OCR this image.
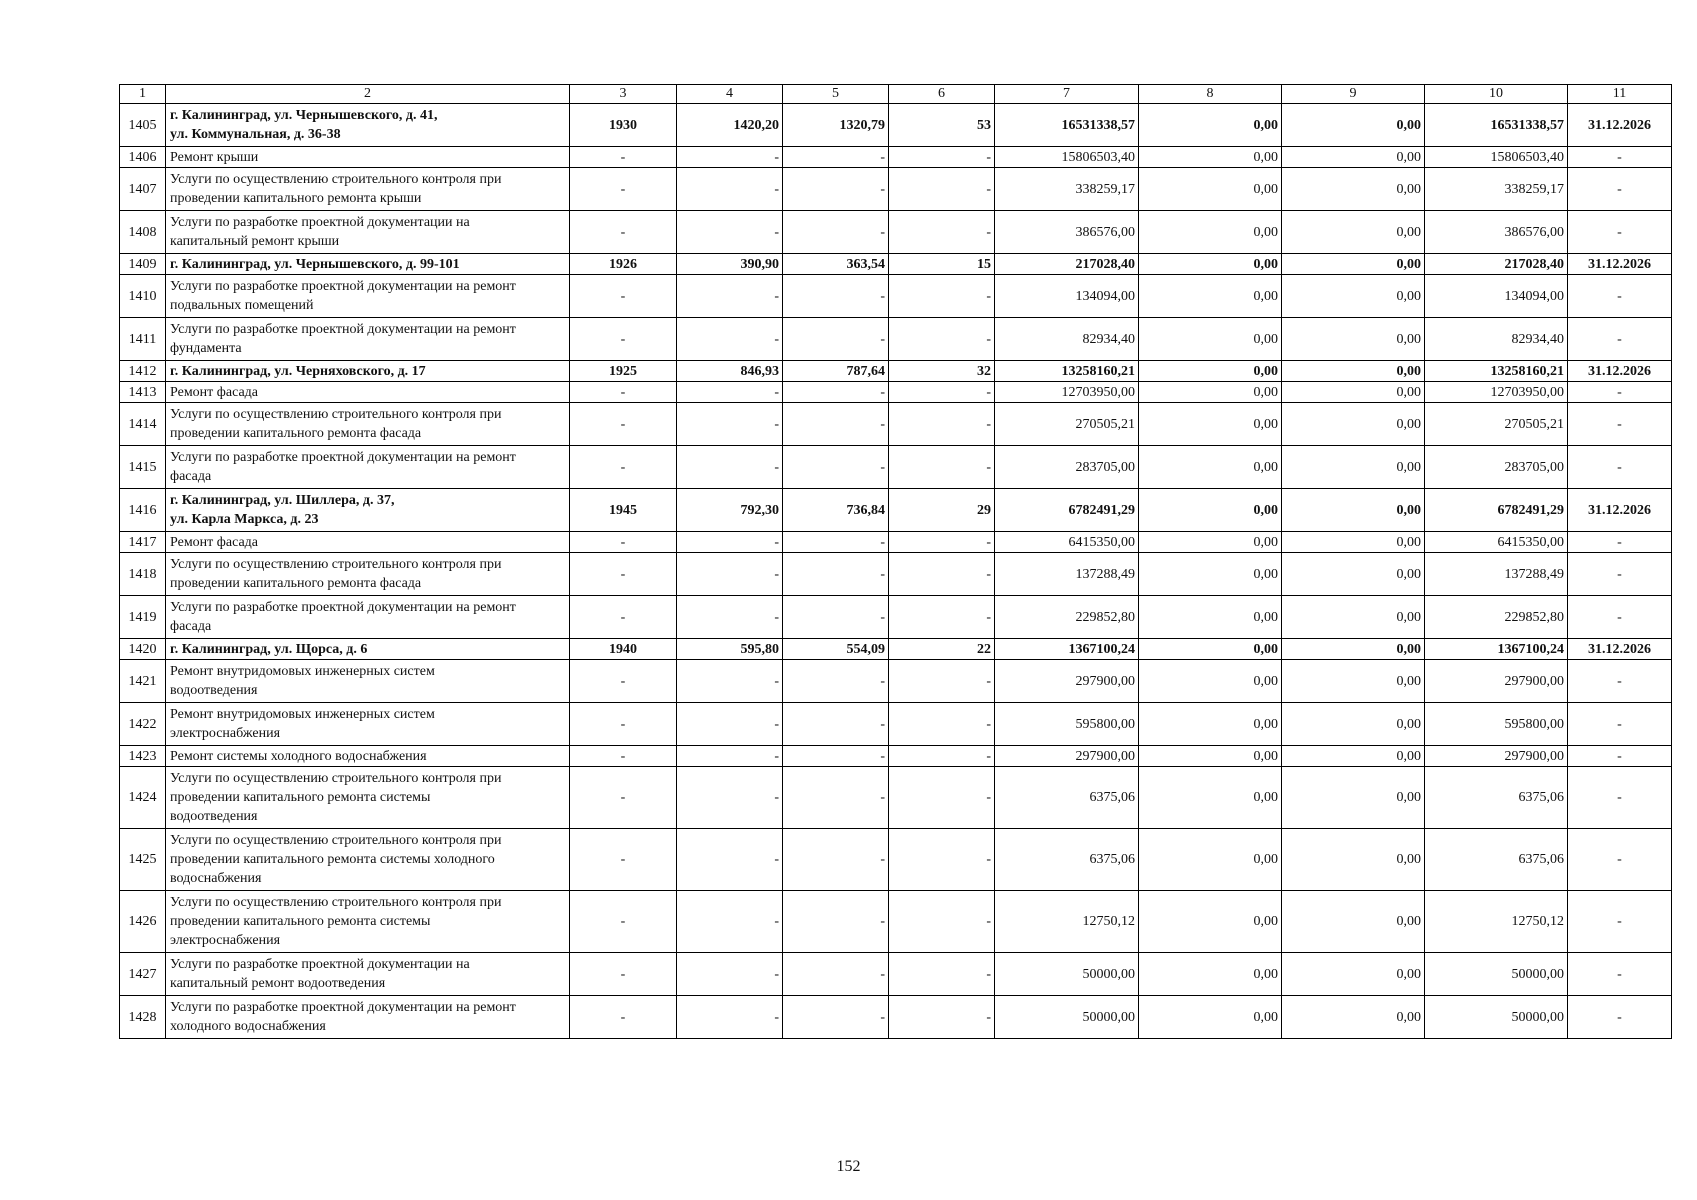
1	2	3	4	5	6	7	8	9	10	11
1405	г. Калининград, ул. Чернышевского, д. 41,
ул. Коммунальная, д. 36-38	1930	1420,20	1320,79	53	16531338,57	0,00	0,00	16531338,57	31.12.2026
1406	Ремонт крыши	-	-	-	-	15806503,40	0,00	0,00	15806503,40	-
1407	Услуги по осуществлению строительного контроля при
проведении капитального ремонта крыши	-	-	-	-	338259,17	0,00	0,00	338259,17	-
1408	Услуги по разработке проектной документации на
капитальный ремонт крыши	-	-	-	-	386576,00	0,00	0,00	386576,00	-
1409	г. Калининград, ул. Чернышевского, д. 99-101	1926	390,90	363,54	15	217028,40	0,00	0,00	217028,40	31.12.2026
1410	Услуги по разработке проектной документации на ремонт
подвальных помещений	-	-	-	-	134094,00	0,00	0,00	134094,00	-
1411	Услуги по разработке проектной документации на ремонт
фундамента	-	-	-	-	82934,40	0,00	0,00	82934,40	-
1412	г. Калининград, ул. Черняховского, д. 17	1925	846,93	787,64	32	13258160,21	0,00	0,00	13258160,21	31.12.2026
1413	Ремонт фасада	-	-	-	-	12703950,00	0,00	0,00	12703950,00	-
1414	Услуги по осуществлению строительного контроля при
проведении капитального ремонта фасада	-	-	-	-	270505,21	0,00	0,00	270505,21	-
1415	Услуги по разработке проектной документации на ремонт
фасада	-	-	-	-	283705,00	0,00	0,00	283705,00	-
1416	г. Калининград, ул. Шиллера, д. 37,
ул. Карла Маркса, д. 23	1945	792,30	736,84	29	6782491,29	0,00	0,00	6782491,29	31.12.2026
1417	Ремонт фасада	-	-	-	-	6415350,00	0,00	0,00	6415350,00	-
1418	Услуги по осуществлению строительного контроля при
проведении капитального ремонта фасада	-	-	-	-	137288,49	0,00	0,00	137288,49	-
1419	Услуги по разработке проектной документации на ремонт
фасада	-	-	-	-	229852,80	0,00	0,00	229852,80	-
1420	г. Калининград, ул. Щорса, д. 6	1940	595,80	554,09	22	1367100,24	0,00	0,00	1367100,24	31.12.2026
1421	Ремонт внутридомовых инженерных систем
водоотведения	-	-	-	-	297900,00	0,00	0,00	297900,00	-
1422	Ремонт внутридомовых инженерных систем
электроснабжения	-	-	-	-	595800,00	0,00	0,00	595800,00	-
1423	Ремонт системы холодного водоснабжения	-	-	-	-	297900,00	0,00	0,00	297900,00	-
1424	Услуги по осуществлению строительного контроля при
проведении капитального ремонта системы
водоотведения	-	-	-	-	6375,06	0,00	0,00	6375,06	-
1425	Услуги по осуществлению строительного контроля при
проведении капитального ремонта системы холодного
водоснабжения	-	-	-	-	6375,06	0,00	0,00	6375,06	-
1426	Услуги по осуществлению строительного контроля при
проведении капитального ремонта системы
электроснабжения	-	-	-	-	12750,12	0,00	0,00	12750,12	-
1427	Услуги по разработке проектной документации на
капитальный ремонт водоотведения	-	-	-	-	50000,00	0,00	0,00	50000,00	-
1428	Услуги по разработке проектной документации на ремонт
холодного водоснабжения	-	-	-	-	50000,00	0,00	0,00	50000,00	-
152
